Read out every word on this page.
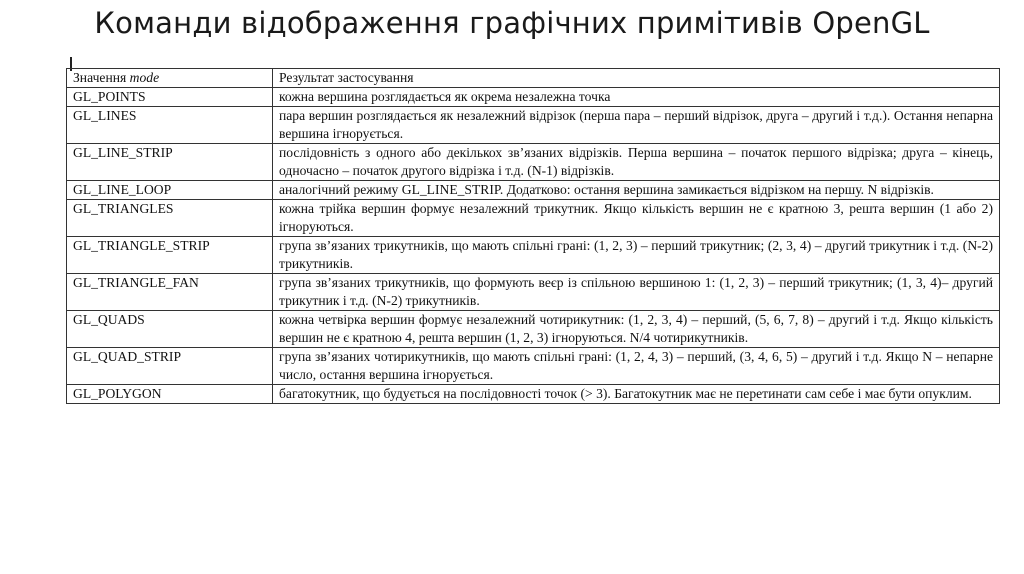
Команди відображення графічних примітивів OpenGL
Значення mode	Результат застосування
GL_POINTS	кожна вершина розглядається як окрема незалежна точка
GL_LINES	пара вершин розглядається як незалежний відрізок (перша пара – перший відрізок, друга – другий і т.д.). Остання непарна вершина ігнорується.
GL_LINE_STRIP	послідовність з одного або декількох зв’язаних відрізків. Перша вершина – початок першого відрізка; друга – кінець, одночасно – початок другого відрізка і т.д. (N-1) відрізків.
GL_LINE_LOOP	аналогічний режиму GL_LINE_STRIP. Додатково: остання вершина замикається відрізком на першу. N відрізків.
GL_TRIANGLES	кожна трійка вершин формує незалежний трикутник. Якщо кількість вершин не є кратною 3, решта вершин (1 або 2) ігноруються.
GL_TRIANGLE_STRIP	група зв’язаних трикутників, що мають спільні грані: (1, 2, 3) – перший трикутник; (2, 3, 4) – другий трикутник і т.д. (N-2) трикутників.
GL_TRIANGLE_FAN	група зв’язаних трикутників, що формують веєр із спільною вершиною 1: (1, 2, 3) – перший трикутник; (1, 3, 4)– другий трикутник і т.д. (N-2) трикутників.
GL_QUADS	кожна четвірка вершин формує незалежний чотирикутник: (1, 2, 3, 4) – перший, (5, 6, 7, 8) – другий і т.д. Якщо кількість вершин не є кратною 4, решта вершин (1, 2, 3) ігноруються. N/4 чотирикутників.
GL_QUAD_STRIP	група зв’язаних чотирикутників, що мають спільні грані: (1, 2, 4, 3) – перший, (3, 4, 6, 5) – другий і т.д. Якщо N – непарне число, остання вершина ігнорується.
GL_POLYGON	багатокутник, що будується на послідовності точок (> 3). Багатокутник має не перетинати сам себе і має бути опуклим.
